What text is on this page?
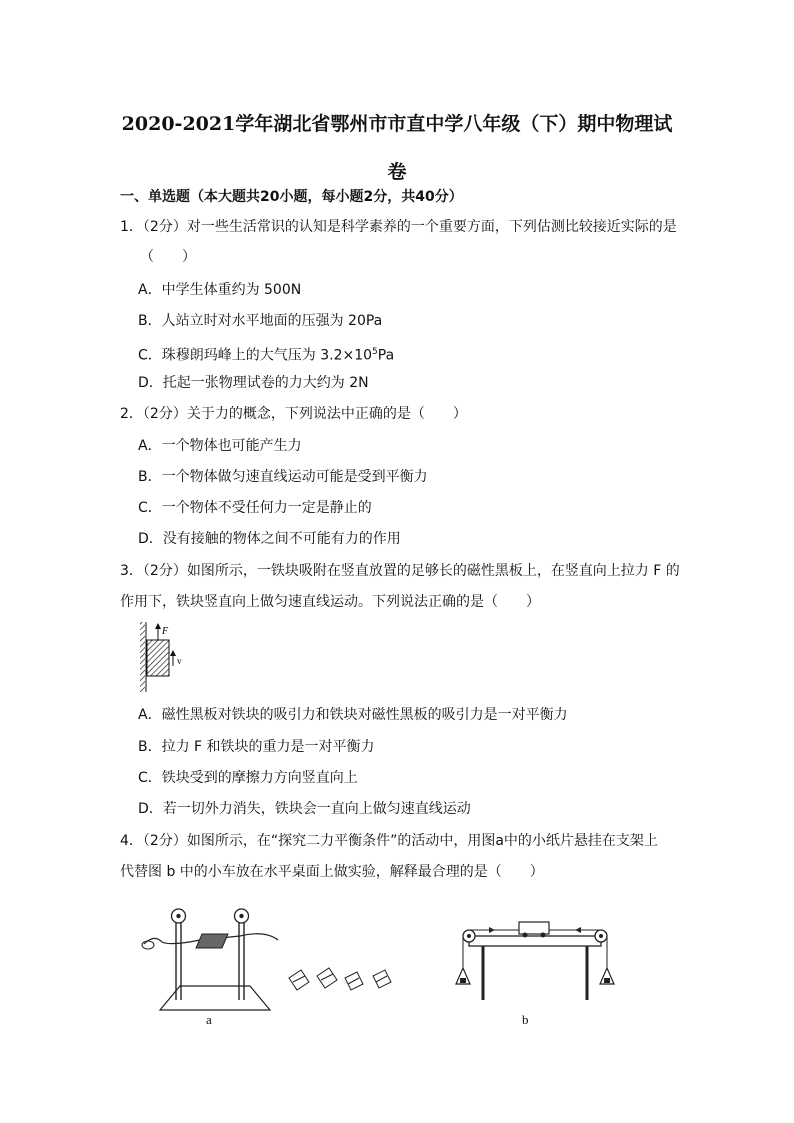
2020-2021学年湖北省鄂州市市直中学八年级（下）期中物理试
卷
一、单选题（本大题共20小题，每小题2分，共40分）
1．（2分）对一些生活常识的认知是科学素养的一个重要方面，下列估测比较接近实际的是
（　　）
A．中学生体重约为 500N
B．人站立时对水平地面的压强为 20Pa
C．珠穆朗玛峰上的大气压为 $3.2\times 10^5Pa$
D．托起一张物理试卷的力大约为 2N
2．（2分）关于力的概念，下列说法中正确的是（　　）
A．一个物体也可能产生力
B．一个物体做匀速直线运动可能是受到平衡力
C．一个物体不受任何力一定是静止的
D．没有接触的物体之间不可能有力的作用
3．（2分）如图所示，一铁块吸附在竖直放置的足够长的磁性黑板上，在竖直向上拉力 F 的
作用下，铁块竖直向上做匀速直线运动。下列说法正确的是（　　）
F
v
A．磁性黑板对铁块的吸引力和铁块对磁性黑板的吸引力是一对平衡力
B．拉力 F 和铁块的重力是一对平衡力
C．铁块受到的摩擦力方向竖直向上
D．若一切外力消失，铁块会一直向上做匀速直线运动
4．（2分）如图所示，在“探究二力平衡条件”的活动中，用图a中的小纸片悬挂在支架上
代替图 b 中的小车放在水平桌面上做实验，解释最合理的是（　　）
a	b
